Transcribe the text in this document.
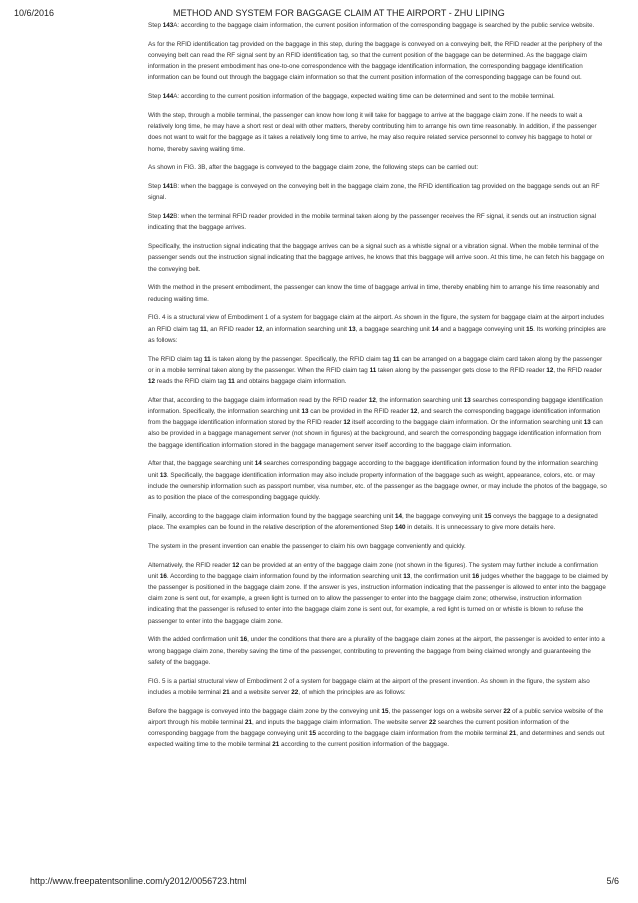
10/6/2016	METHOD AND SYSTEM FOR BAGGAGE CLAIM AT THE AIRPORT - ZHU LIPING

Step 143A: according to the baggage claim information, the current position information of the corresponding baggage is searched by the public service website.

As for the RFID identification tag provided on the baggage in this step, during the baggage is conveyed on a conveying belt, the RFID reader at the periphery of the conveying belt can read the RF signal sent by an RFID identification tag, so that the current position of the baggage can be determined. As the baggage claim information in the present embodiment has one-to-one correspondence with the baggage identification information, the corresponding baggage identification information can be found out through the baggage claim information so that the current position information of the corresponding baggage can be found out.

Step 144A: according to the current position information of the baggage, expected waiting time can be determined and sent to the mobile terminal.

With the step, through a mobile terminal, the passenger can know how long it will take for baggage to arrive at the baggage claim zone. If he needs to wait a relatively long time, he may have a short rest or deal with other matters, thereby contributing him to arrange his own time reasonably. In addition, if the passenger does not want to wait for the baggage as it takes a relatively long time to arrive, he may also require related service personnel to convey his baggage to hotel or home, thereby saving waiting time.

As shown in FIG. 3B, after the baggage is conveyed to the baggage claim zone, the following steps can be carried out:

Step 141B: when the baggage is conveyed on the conveying belt in the baggage claim zone, the RFID identification tag provided on the baggage sends out an RF signal.

Step 142B: when the terminal RFID reader provided in the mobile terminal taken along by the passenger receives the RF signal, it sends out an instruction signal indicating that the baggage arrives.

Specifically, the instruction signal indicating that the baggage arrives can be a signal such as a whistle signal or a vibration signal. When the mobile terminal of the passenger sends out the instruction signal indicating that the baggage arrives, he knows that this baggage will arrive soon. At this time, he can fetch his baggage on the conveying belt.

With the method in the present embodiment, the passenger can know the time of baggage arrival in time, thereby enabling him to arrange his time reasonably and reducing waiting time.

FIG. 4 is a structural view of Embodiment 1 of a system for baggage claim at the airport. As shown in the figure, the system for baggage claim at the airport includes an RFID claim tag 11, an RFID reader 12, an information searching unit 13, a baggage searching unit 14 and a baggage conveying unit 15. Its working principles are as follows:

The RFID claim tag 11 is taken along by the passenger. Specifically, the RFID claim tag 11 can be arranged on a baggage claim card taken along by the passenger or in a mobile terminal taken along by the passenger. When the RFID claim tag 11 taken along by the passenger gets close to the RFID reader 12, the RFID reader 12 reads the RFID claim tag 11 and obtains baggage claim information.

After that, according to the baggage claim information read by the RFID reader 12, the information searching unit 13 searches corresponding baggage identification information. Specifically, the information searching unit 13 can be provided in the RFID reader 12, and search the corresponding baggage identification information from the baggage identification information stored by the RFID reader 12 itself according to the baggage claim information. Or the information searching unit 13 can also be provided in a baggage management server (not shown in figures) at the background, and search the corresponding baggage identification information from the baggage identification information stored in the baggage management server itself according to the baggage claim information.

After that, the baggage searching unit 14 searches corresponding baggage according to the baggage identification information found by the information searching unit 13. Specifically, the baggage identification information may also include property information of the baggage such as weight, appearance, colors, etc. or may include the ownership information such as passport number, visa number, etc. of the passenger as the baggage owner, or may include the photos of the baggage, so as to position the place of the corresponding baggage quickly.

Finally, according to the baggage claim information found by the baggage searching unit 14, the baggage conveying unit 15 conveys the baggage to a designated place. The examples can be found in the relative description of the aforementioned Step 140 in details. It is unnecessary to give more details here.

The system in the present invention can enable the passenger to claim his own baggage conveniently and quickly.

Alternatively, the RFID reader 12 can be provided at an entry of the baggage claim zone (not shown in the figures). The system may further include a confirmation unit 16. According to the baggage claim information found by the information searching unit 13, the confirmation unit 16 judges whether the baggage to be claimed by the passenger is positioned in the baggage claim zone. If the answer is yes, instruction information indicating that the passenger is allowed to enter into the baggage claim zone is sent out, for example, a green light is turned on to allow the passenger to enter into the baggage claim zone; otherwise, instruction information indicating that the passenger is refused to enter into the baggage claim zone is sent out, for example, a red light is turned on or whistle is blown to refuse the passenger to enter into the baggage claim zone.

With the added confirmation unit 16, under the conditions that there are a plurality of the baggage claim zones at the airport, the passenger is avoided to enter into a wrong baggage claim zone, thereby saving the time of the passenger, contributing to preventing the baggage from being claimed wrongly and guaranteeing the safety of the baggage.

FIG. 5 is a partial structural view of Embodiment 2 of a system for baggage claim at the airport of the present invention. As shown in the figure, the system also includes a mobile terminal 21 and a website server 22, of which the principles are as follows:

Before the baggage is conveyed into the baggage claim zone by the conveying unit 15, the passenger logs on a website server 22 of a public service website of the airport through his mobile terminal 21, and inputs the baggage claim information. The website server 22 searches the current position information of the corresponding baggage from the baggage conveying unit 15 according to the baggage claim information from the mobile terminal 21, and determines and sends out expected waiting time to the mobile terminal 21 according to the current position information of the baggage.

http://www.freepatentsonline.com/y2012/0056723.html	5/6
